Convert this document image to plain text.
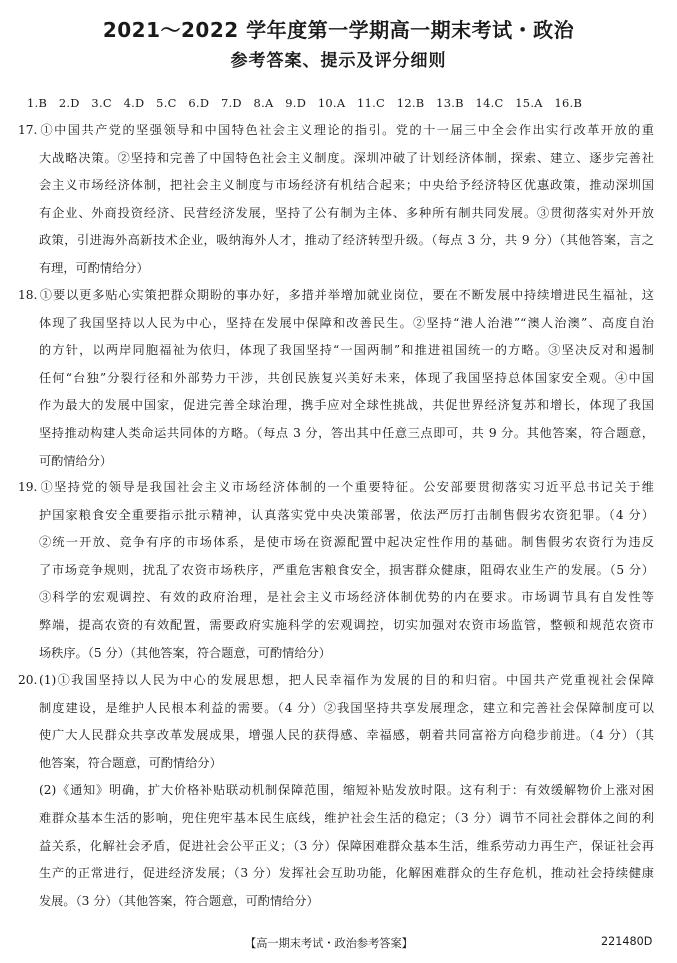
2021～2022 学年度第一学期高一期末考试・政治
参考答案、提示及评分细则
1.B　2.D　3.C　4.D　5.C　6.D　7.D　8.A　9.D　10.A　11.C　12.B　13.B　14.C　15.A　16.B

17. ①中国共产党的坚强领导和中国特色社会主义理论的指引。党的十一届三中全会作出实行改革开放的重

大战略决策。②坚持和完善了中国特色社会主义制度。深圳冲破了计划经济体制，探索、建立、逐步完善社

会主义市场经济体制，把社会主义制度与市场经济有机结合起来；中央给予经济特区优惠政策，推动深圳国

有企业、外商投资经济、民营经济发展，坚持了公有制为主体、多种所有制共同发展。③贯彻落实对外开放

政策，引进海外高新技术企业，吸纳海外人才，推动了经济转型升级。（每点 3 分，共 9 分）（其他答案，言之

有理，可酌情给分）

18. ①要以更多贴心实策把群众期盼的事办好，多措并举增加就业岗位，要在不断发展中持续增进民生福祉，这

体现了我国坚持以人民为中心，坚持在发展中保障和改善民生。②坚持“港人治港”“澳人治澳”、高度自治

的方针，以两岸同胞福祉为依归，体现了我国坚持“一国两制”和推进祖国统一的方略。③坚决反对和遏制

任何“台独”分裂行径和外部势力干涉，共创民族复兴美好未来，体现了我国坚持总体国家安全观。④中国

作为最大的发展中国家，促进完善全球治理，携手应对全球性挑战，共促世界经济复苏和增长，体现了我国

坚持推动构建人类命运共同体的方略。（每点 3 分，答出其中任意三点即可，共 9 分。其他答案，符合题意，

可酌情给分）

19. ①坚持党的领导是我国社会主义市场经济体制的一个重要特征。公安部要贯彻落实习近平总书记关于维

护国家粮食安全重要指示批示精神，认真落实党中央决策部署，依法严厉打击制售假劣农资犯罪。（4 分）

②统一开放、竞争有序的市场体系，是使市场在资源配置中起决定性作用的基础。制售假劣农资行为违反

了市场竞争规则，扰乱了农资市场秩序，严重危害粮食安全，损害群众健康，阻碍农业生产的发展。（5 分）

③科学的宏观调控、有效的政府治理，是社会主义市场经济体制优势的内在要求。市场调节具有自发性等

弊端，提高农资的有效配置，需要政府实施科学的宏观调控，切实加强对农资市场监管，整顿和规范农资市

场秩序。（5 分）（其他答案，符合题意，可酌情给分）

20. (1)①我国坚持以人民为中心的发展思想，把人民幸福作为发展的目的和归宿。中国共产党重视社会保障

制度建设，是维护人民根本利益的需要。（4 分）②我国坚持共享发展理念，建立和完善社会保障制度可以

使广大人民群众共享改革发展成果，增强人民的获得感、幸福感，朝着共同富裕方向稳步前进。（4 分）（其

他答案，符合题意，可酌情给分）

(2)《通知》明确，扩大价格补贴联动机制保障范围，缩短补贴发放时限。这有利于：有效缓解物价上涨对困

难群众基本生活的影响，兜住兜牢基本民生底线，维护社会生活的稳定；（3 分）调节不同社会群体之间的利

益关系，化解社会矛盾，促进社会公平正义；（3 分）保障困难群众基本生活，维系劳动力再生产，保证社会再

生产的正常进行，促进经济发展；（3 分）发挥社会互助功能，化解困难群众的生存危机，推动社会持续健康

发展。（3 分）（其他答案，符合题意，可酌情给分）

【高一期末考试・政治参考答案】	221480D
